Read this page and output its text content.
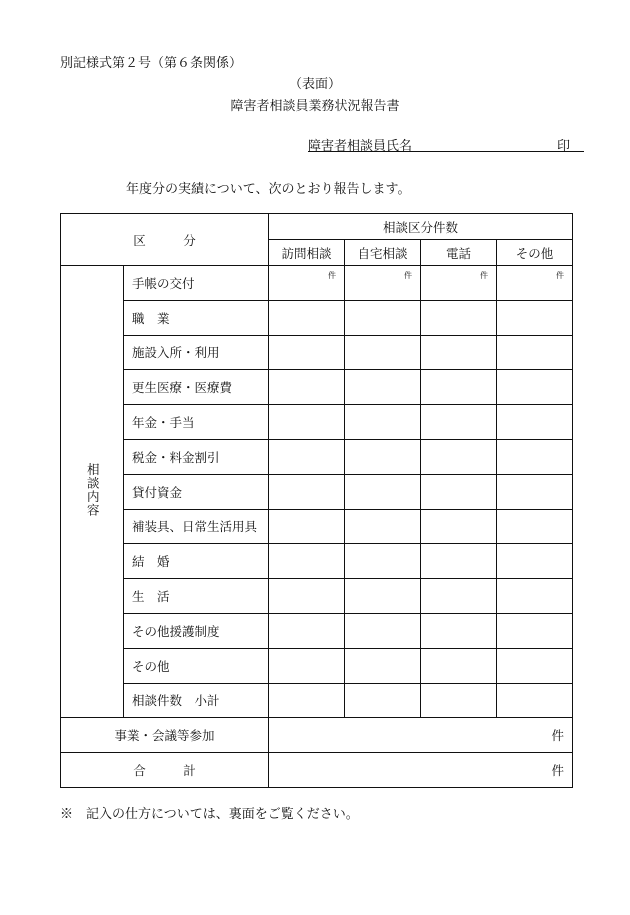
別記様式第２号（第６条関係）
（表面）
障害者相談員業務状況報告書
障害者相談員氏名	印
年度分の実績について、次のとおり報告します。
区　　　分		相談区分件数			
		訪問相談	自宅相談	電話	その他
相談内容	手帳の交付	件	件	件	件
	職　業				
	施設入所・利用				
	更生医療・医療費				
	年金・手当				
	税金・料金割引				
	貸付資金				
	補装具、日常生活用具				
	結　婚				
	生　活				
	その他援護制度				
	その他				
	相談件数　小計				
事業・会議等参加		件			
合　　　計		件			
※　記入の仕方については、裏面をご覧ください。
